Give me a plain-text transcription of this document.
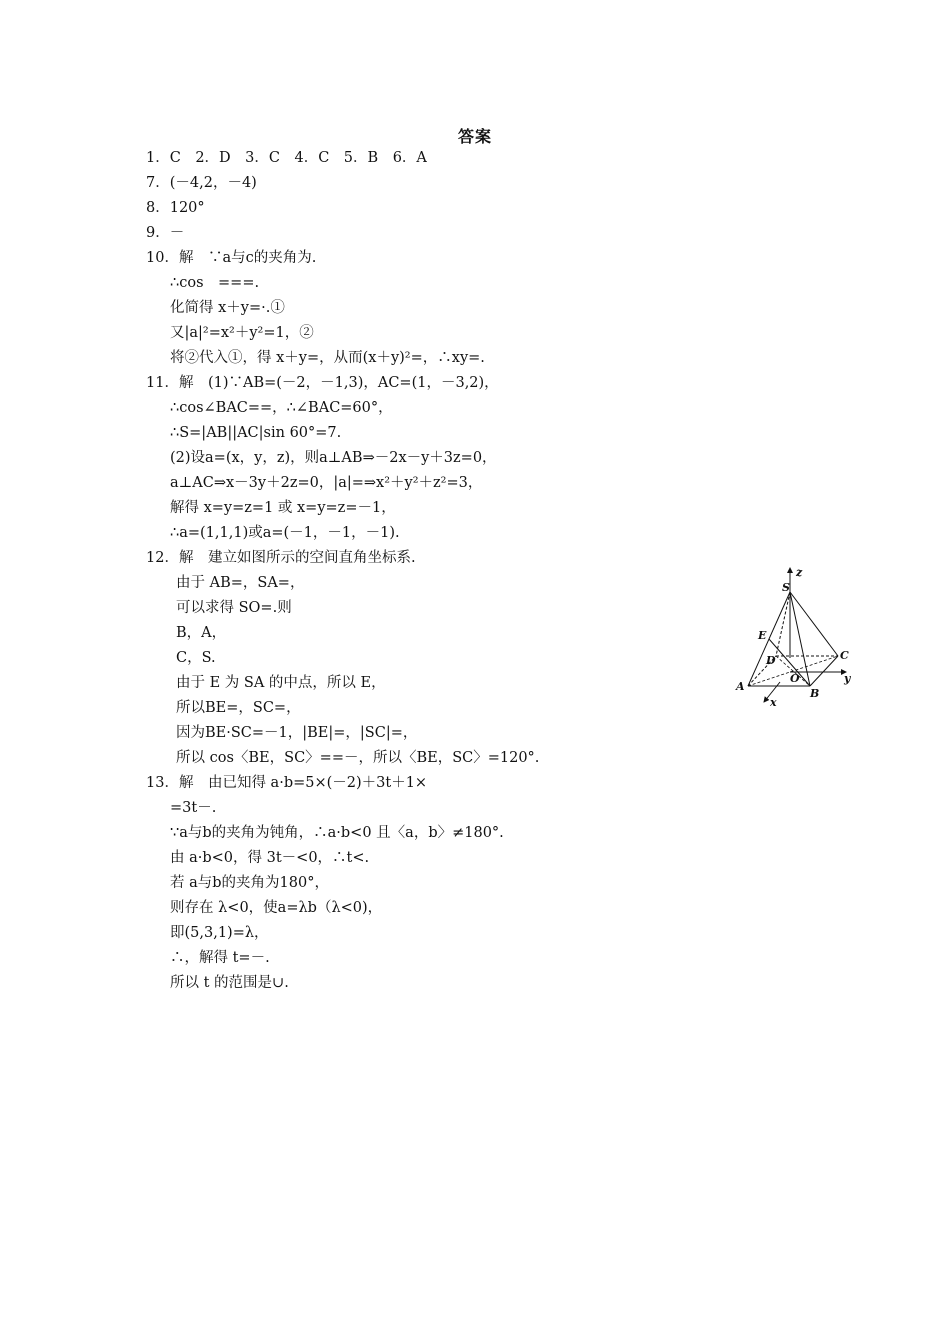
答案
1．C　2．D　3．C　4．C　5．B　6．A
7．(－4,2，－4)
8．120°
9．－
10．解　∵a与c的夹角为.
∴cos　===.
化简得 x＋y=·.①
又|a|²=x²＋y²=1，②
将②代入①，得 x＋y=，从而(x＋y)²=，∴xy=.
11．解　(1)∵AB=(－2，－1,3)，AC=(1，－3,2)，
∴cos∠BAC==，∴∠BAC=60°，
∴S=|AB||AC|sin 60°=7.
(2)设a=(x，y，z)，则a⊥AB⇒－2x－y＋3z=0，
a⊥AC⇒x－3y＋2z=0，|a|=⇒x²＋y²＋z²=3，
解得 x=y=z=1 或 x=y=z=－1，
∴a=(1,1,1)或a=(－1，－1，－1).
12．解　建立如图所示的空间直角坐标系.
由于 AB=，SA=，
可以求得 SO=.则
B，A，
C，S.
由于 E 为 SA 的中点，所以 E，
所以BE=，SC=，
因为BE·SC=－1，|BE|=，|SC|=，
所以 cos〈BE，SC〉==－，所以〈BE，SC〉=120°.
13．解　由已知得 a·b=5×(－2)＋3t＋1×
=3t－.
∵a与b的夹角为钝角，∴a·b<0 且〈a，b〉≠180°.
由 a·b<0，得 3t－<0，∴t<.
若 a与b的夹角为180°，
则存在 λ<0，使a=λb（λ<0)，
即(5,3,1)=λ，
∴，解得 t=－.
所以 t 的范围是∪.
z
S
E
D	C
O	y
A
B
x
